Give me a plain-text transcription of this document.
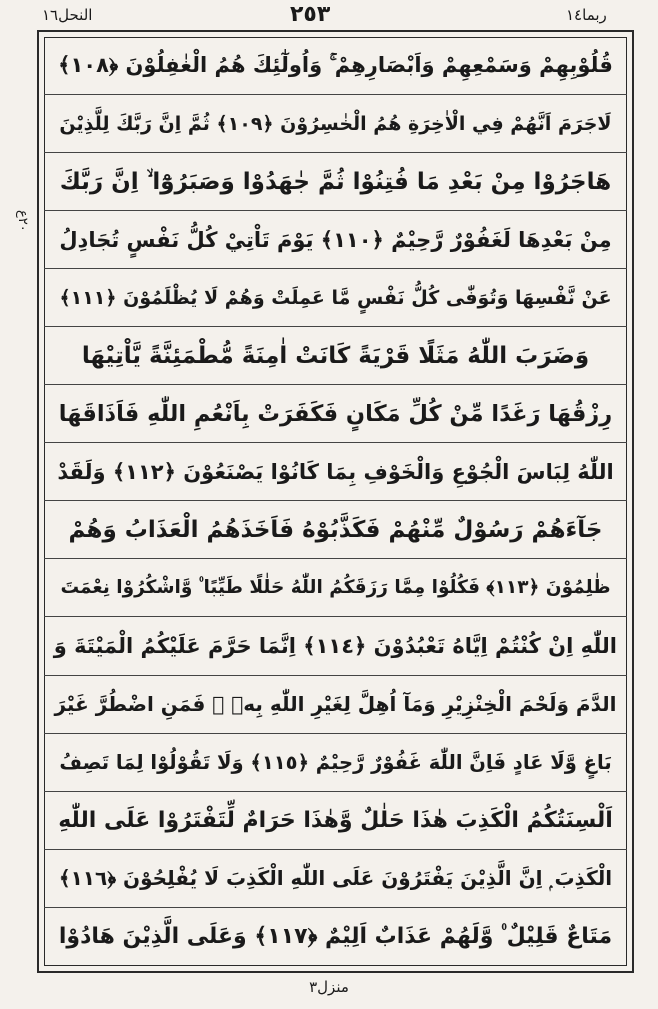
النحل١٦	٢٥٣	ربما١٤
٢٠ع
قُلُوْبِهِمْ وَسَمْعِهِمْ وَاَبْصَارِهِمْ ۚ وَاُولٰٓئِكَ هُمُ الْغٰفِلُوْنَ ﴿١٠٨﴾
لَاجَرَمَ اَنَّهُمْ فِي الْاٰخِرَةِ هُمُ الْخٰسِرُوْنَ ﴿١٠٩﴾ ثُمَّ اِنَّ رَبَّكَ لِلَّذِيْنَ
هَاجَرُوْا مِنْ بَعْدِ مَا فُتِنُوْا ثُمَّ جٰهَدُوْا وَصَبَرُوْٓا ۙ اِنَّ رَبَّكَ
مِنْ بَعْدِهَا لَغَفُوْرٌ رَّحِيْمٌ ﴿١١٠﴾ يَوْمَ تَاْتِيْ كُلُّ نَفْسٍ تُجَادِلُ
عَنْ نَّفْسِهَا وَتُوَفّٰى كُلُّ نَفْسٍ مَّا عَمِلَتْ وَهُمْ لَا يُظْلَمُوْنَ ﴿١١١﴾
وَضَرَبَ اللّٰهُ مَثَلًا قَرْيَةً كَانَتْ اٰمِنَةً مُّطْمَئِنَّةً يَّاْتِيْهَا
رِزْقُهَا رَغَدًا مِّنْ كُلِّ مَكَانٍ فَكَفَرَتْ بِاَنْعُمِ اللّٰهِ فَاَذَاقَهَا
اللّٰهُ لِبَاسَ الْجُوْعِ وَالْخَوْفِ بِمَا كَانُوْا يَصْنَعُوْنَ ﴿١١٢﴾ وَلَقَدْ
جَآءَهُمْ رَسُوْلٌ مِّنْهُمْ فَكَذَّبُوْهُ فَاَخَذَهُمُ الْعَذَابُ وَهُمْ
ظٰلِمُوْنَ ﴿١١٣﴾ فَكُلُوْا مِمَّا رَزَقَكُمُ اللّٰهُ حَلٰلًا طَيِّبًا ۠ وَّاشْكُرُوْا نِعْمَتَ
اللّٰهِ اِنْ كُنْتُمْ اِيَّاهُ تَعْبُدُوْنَ ﴿١١٤﴾ اِنَّمَا حَرَّمَ عَلَيْكُمُ الْمَيْتَةَ وَ
الدَّمَ وَلَحْمَ الْخِنْزِيْرِ وَمَآ اُهِلَّ لِغَيْرِ اللّٰهِ بِهٖ ۚ فَمَنِ اضْطُرَّ غَيْرَ
بَاغٍ وَّلَا عَادٍ فَاِنَّ اللّٰهَ غَفُوْرٌ رَّحِيْمٌ ﴿١١٥﴾ وَلَا تَقُوْلُوْا لِمَا تَصِفُ
اَلْسِنَتُكُمُ الْكَذِبَ هٰذَا حَلٰلٌ وَّهٰذَا حَرَامٌ لِّتَفْتَرُوْا عَلَى اللّٰهِ
الْكَذِبَ ۭ اِنَّ الَّذِيْنَ يَفْتَرُوْنَ عَلَى اللّٰهِ الْكَذِبَ لَا يُفْلِحُوْنَ ﴿١١٦﴾
مَتَاعٌ قَلِيْلٌ ۠ وَّلَهُمْ عَذَابٌ اَلِيْمٌ ﴿١١٧﴾ وَعَلَى الَّذِيْنَ هَادُوْا
منزل٣
